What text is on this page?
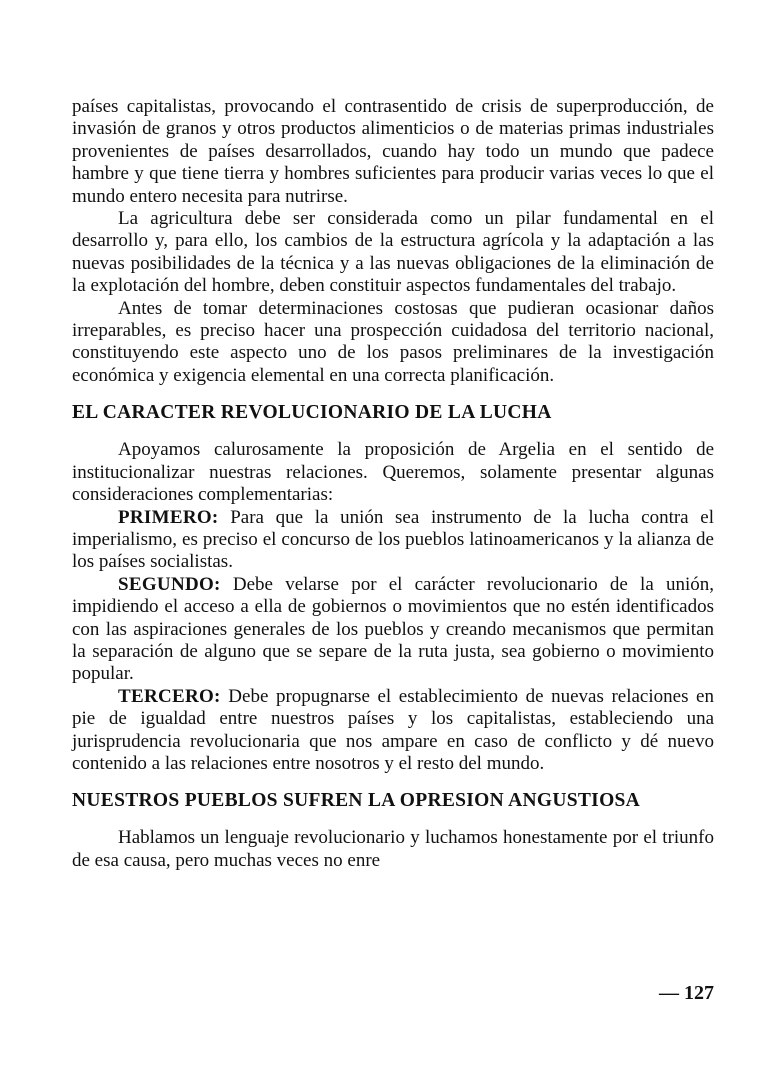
países capitalistas, provocando el contrasentido de crisis de superproducción, de invasión de granos y otros productos alimenticios o de materias primas industriales provenientes de países desarrollados, cuando hay todo un mundo que padece hambre y que tiene tierra y hombres suficientes para producir varias veces lo que el mundo entero necesita para nutrirse.

La agricultura debe ser considerada como un pilar fundamental en el desarrollo y, para ello, los cambios de la estructura agrícola y la adaptación a las nuevas posibilidades de la técnica y a las nuevas obligaciones de la eliminación de la explotación del hombre, deben constituir aspectos fundamentales del trabajo.

Antes de tomar determinaciones costosas que pudieran ocasionar daños irreparables, es preciso hacer una prospección cuidadosa del territorio nacional, constituyendo este aspecto uno de los pasos preliminares de la investigación económica y exigencia elemental en una correcta planificación.

EL CARACTER REVOLUCIONARIO DE LA LUCHA

Apoyamos calurosamente la proposición de Argelia en el sentido de institucionalizar nuestras relaciones. Queremos, solamente presentar algunas consideraciones complementarias:

PRIMERO: Para que la unión sea instrumento de la lucha contra el imperialismo, es preciso el concurso de los pueblos latinoamericanos y la alianza de los países socialistas.

SEGUNDO: Debe velarse por el carácter revolucionario de la unión, impidiendo el acceso a ella de gobiernos o movimientos que no estén identificados con las aspiraciones generales de los pueblos y creando mecanismos que permitan la separación de alguno que se separe de la ruta justa, sea gobierno o movimiento popular.

TERCERO: Debe propugnarse el establecimiento de nuevas relaciones en pie de igualdad entre nuestros países y los capitalistas, estableciendo una jurisprudencia revolucionaria que nos ampare en caso de conflicto y dé nuevo contenido a las relaciones entre nosotros y el resto del mundo.

NUESTROS PUEBLOS SUFREN LA OPRESION ANGUSTIOSA

Hablamos un lenguaje revolucionario y luchamos honestamente por el triunfo de esa causa, pero muchas veces no enre

— 127
